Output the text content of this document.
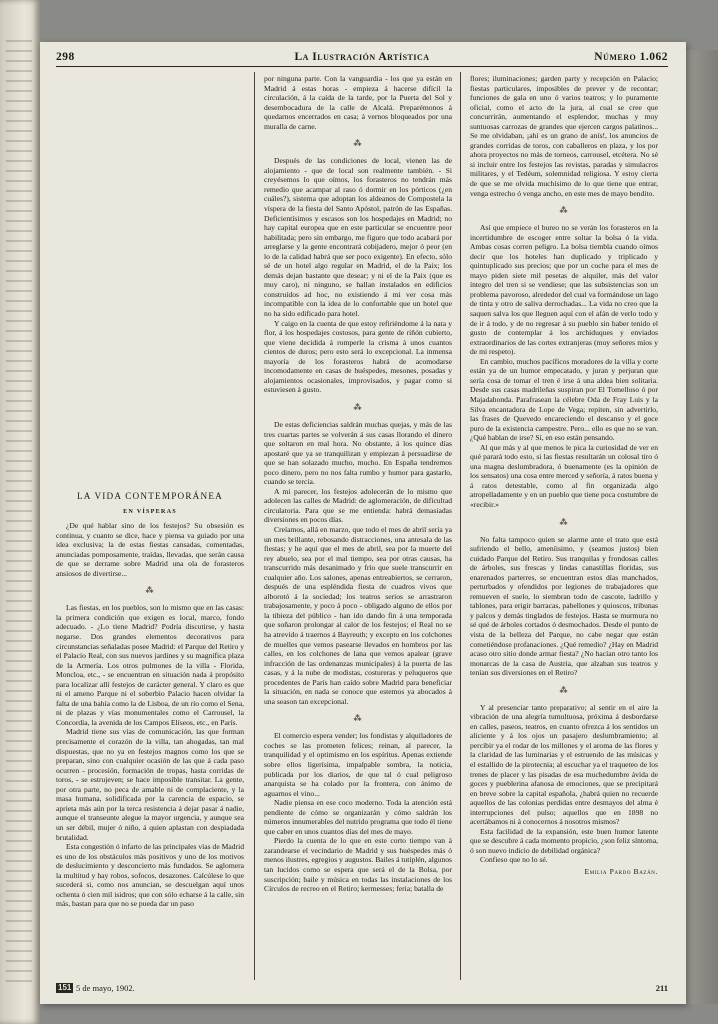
298	La Ilustración Artística	Número 1.062
LA VIDA CONTEMPORÁNEA
EN VÍSPERAS

¿De qué hablar sino de los festejos? Su obsesión es continua, y cuanto se dice, hace y piensa va guiado por una idea exclusiva; la de estas fiestas cansadas, comentadas, anunciadas pomposamente, traídas, llevadas, que serán causa de que se derrame sobre Madrid una ola de forasteros ansiosos de divertirse...

⁂

Las fiestas, en los pueblos, son lo mismo que en las casas: la primera condición que exigen es local, marco, fondo adecuado. - ¿Lo tiene Madrid? Podría discutirse, y hasta negarse. Dos grandes elementos decorativos para circunstancias señaladas posee Madrid: el Parque del Retiro y el Palacio Real, con sus nuevos jardines y su magnífica plaza de la Armería. Los otros pulmones de la villa - Florida, Moncloa, etc., - se encuentran en situación nada á propósito para localizar allí festejos de carácter general. Y claro es que ni el ameno Parque ni el soberbio Palacio hacen olvidar la falta de una bahía como la de Lisboa, de un río como el Sena, ni de plazas y vías monumentales como el Carrousel, la Concordia, la avenida de los Campos Elíseos, etc., en París.

Madrid tiene sus vías de comunicación, las que forman precisamente el corazón de la villa, tan ahogadas, tan mal dispuestas, que no ya en festejos magnos como los que se preparan, sino con cualquier ocasión de las que á cada paso ocurren - procesión, formación de tropas, hasta corridas de toros, - se estrujeven; se hace imposible transitar. La gente, por otra parte, no peca de amable ni de complaciente, y la masa humana, solidificada por la carencia de espacio, se aprieta más aún por la terca resistencia á dejar pasar á nadie, aunque el transeunte alegue la mayor urgencia, y aunque sea un ser débil, mujer ó niño, á quien aplastan con despiadada brutalidad.

Esta congestión ó infarto de las principales vías de Madrid es uno de los obstáculos más positivos y uno de los motivos de deslucimiento y desconcierto más fundados. Se aglomera la multitud y hay robos, sofocos, desazones. Calcúlese lo que sucederá si, como nos anuncian, se descuelgan aquí unos ochenta ó cien mil isidros; que con sólo echarse á la calle, sin más, bastan para que no se pueda dar un paso

por ninguna parte. Con la vanguardia - los que ya están en Madrid á estas horas - empieza á hacerse difícil la circulación, á la caída de la tarde, por la Puerta del Sol y desembocadura de la calle de Alcalá. Preparémonos á quedarnos encerrados en casa; á vernos bloqueados por una muralla de carne.

⁂

Después de las condiciones de local, vienen las de alojamiento - que de local son realmente también. - Si creyésemos lo que oímos, los forasteros no tendrán más remedio que acampar al raso ó dormir en los pórticos (¿en cuáles?), sistema que adoptan los aldeanos de Compostela la víspera de la fiesta del Santo Apóstol, patrón de las Españas. Deficientísimos y escasos son los hospedajes en Madrid; no hay capital europea que en este particular se encuentre peor habilitada; pero sin embargo, me figuro que todo acabará por arreglarse y la gente encontrará cobijadero, mejor ó peor (en lo de la calidad habrá que ser poco exigente). En efecto, sólo sé de un hotel algo regular en Madrid, el de la Paix; los demás dejan bastante que desear; y ni el de la Paix (que es muy caro), ni ninguno, se hallan instalados en edificios construídos ad hoc, no existiendo á mi ver cosa más incompatible con la idea de lo confortable que un hotel que no ha sido edificado para hotel.

Y caigo en la cuenta de que estoy refiriéndome á la nata y flor, á los hospedajes costosos, para gente de riñón cubierto, que viene decidida á romperle la crisma á unos cuantos cientos de duros; pero esto será lo excepcional. La inmensa mayoría de los forasteros habrá de acomodarse incomodamente en casas de huéspedes, mesones, posadas y alojamientos ocasionales, improvisados, y pagar como si estuviesen á gusto.

⁂

De estas deficiencias saldrán muchas quejas, y más de las tres cuartas partes se volverán á sus casas llorando el dinero que soltaron en mal hora. No obstante, á los quince días apostaré que ya se tranquilizan y empiezan á persuadirse de que se han solazado mucho, mucho. En España tendremos poco dinero, pero no nos falta rumbo y humor para gastarlo, cuando se tercia.

A mi parecer, los festejos adolecerán de lo mismo que adolecen las calles de Madrid: de aglomeración, de dificultad circulatoria. Para que se me entienda: habrá demasiadas diversiones en pocos días.

Creíamos, allá en marzo, que todo el mes de abril sería ya un mes brillante, rebosando distracciones, una antesala de las fiestas; y he aquí que el mes de abril, sea por la muerte del rey abuelo, sea por el mal tiempo, sea por otras causas, ha transcurrido más desanimado y frío que suele transcurrir en cualquier año. Los salones, apenas entreabiertos, se cerraron, después de una espléndida fiesta de cuadros vivos que alborotó á la sociedad; los teatros serios se arrastraron trabajosamente, y poco á poco - obligado alguno de ellos por la tibieza del público - han ido dando fin á una temporada que soñaron prolongar al calor de los festejos; el Real no se ha atrevido á traernos á Bayreuth; y excepto en los colchones de muelles que vemos pasearse llevados en hombros por las calles, en los colchones de lana que vemos apalear (grave infracción de las ordenanzas municipales) á la puerta de las casas, y á la nube de modistas, costureras y peluqueros que procedentes de París han caído sobre Madrid para beneficiar la situación, en nada se conoce que estemos ya abocados á una season tan excepcional.

⁂

El comercio espera vender; los fondistas y alquiladores de coches se las prometen felices; reinan, al parecer, la tranquilidad y el optimismo en los espíritus. Apenas extiende sobre ellos ligerísima, impalpable sombra, la noticia, publicada por los diarios, de que tal ó cual peligroso anarquista se ha colado por la frontera, con ánimo de aguarnos el vino...

Nadie piensa en ese coco moderno. Toda la atención está pendiente de cómo se organizarán y cómo saldrán los números innumerables del nutrido programa que todo él tiene que caber en unos cuantos días del mes de mayo.

Pierdo la cuenta de lo que en este corto tiempo van á zarandearse el vecindario de Madrid y sus huéspedes más ó menos ilustres, egregios y augustos. Bailes á tutiplén, algunos tan lucidos como se espera que será el de la Bolsa, por suscripción; baile y música en todas las instalaciones de los Círculos de recreo en el Retiro; kermesses; feria; batalla de

flores; iluminaciones; garden party y recepción en Palacio; fiestas particulares, imposibles de prever y de recontar; funciones de gala en uno ó varios teatros; y lo puramente oficial, como el acto de la jura, al cual se cree que concurrirán, aumentando el esplendor, muchas y muy suntuosas carrozas de grandes que ejercen cargos palatinos... Se me olvidaban, ¡ahí es un grano de anís!, los anuncios de grandes corridas de toros, con caballeros en plaza, y los por ahora proyectos no más de torneos, carrousel, etcétera. No sé si incluir entre los festejos las revistas, paradas y simulacros militares, y el Tedéum, solemnidad religiosa. Y estoy cierta de que se me olvida muchísimo de lo que tiene que entrar, venga estrecho ó venga ancho, en este mes de mayo bendito.

⁂

Así que empiece el bureo no se verán los forasteros en la incertidumbre de escoger entre soltar la bolsa ó la vida. Ambas cosas corren peligro. La bolsa tiembla cuando oímos decir que los hoteles han duplicado y triplicado y quintuplicado sus precios; que por un coche para el mes de mayo piden siete mil pesetas de alquiler, más del valor íntegro del tren si se vendiese; que las subsistencias son un problema pavoroso, alrededor del cual va formándose un lago de tinta y otro de saliva derrochadas... La vida no creo que la saquen salva los que lleguen aquí con el afán de verlo todo y de ir á todo, y de no regresar á su pueblo sin haber tenido el gusto de contemplar á los archiduques y enviados extraordinarios de las cortes extranjeras (muy señores míos y de mi respeto).

En cambio, muchos pacíficos moradores de la villa y corte están ya de un humor empecatado, y juran y perjuran que sería cosa de tomar el tren é irse á una aldea bien solitaria. Desde sus casas madrileñas suspiran por El Tomelloso ó por Majadahonda. Parafrasean la célebre Oda de Fray Luis y la Silva encantadora de Lope de Vega; repiten, sin advertirlo, las frases de Quevedo encareciendo el descanso y el goce puro de la existencia campestre. Pero... ello es que no se van. ¿Qué hablan de irse? Sí, en eso están pensando.

Al que más y al que menos le pica la curiosidad de ver en qué parará todo esto, si las fiestas resultarán un colosal tiro ó una magna deslumbradora, ó buenamente (es la opinión de los sensatos) una cosa entre merced y señoría, á ratos buena y á ratos detestable, como al fin organizada algo atropelladamente y en un pueblo que tiene poca costumbre de «recibir.»

⁂

No falta tampoco quien se alarme ante el trato que está sufriendo el bello, ameníisimo, y (seamos justos) bien cuidado Parque del Retiro. Sus tranquilas y frondosas calles de árboles, sus frescas y lindas canastillas floridas, sus enarenados parterres, se encuentran estos días manchados, perturbados y ofendidos por legiones de trabajadores que remueven el suelo, lo siembran todo de cascote, ladrillo y tablones, para erigir barracas, pabellones y quioscos, tribunas y palcos y demás tinglados de festejos. Hasta se murmura no sé qué de árboles cortados ó desmochados. Desde el punto de vista de la belleza del Parque, no cabe negar que están cometiéndose profanaciones. ¿Qué remedio? ¿Hay en Madrid acaso otro sitio donde armar fiesta? ¿No hacían otro tanto los monarcas de la casa de Austria, que alzaban sus teatros y tenían sus diversiones en el Retiro?

⁂

Y al presenciar tanto preparativo; al sentir en el aire la vibración de una alegría tumultuosa, próxima á desbordarse en calles, paseos, teatros, en cuanto ofrezca á los sentidos un aliciente y á los ojos un pasajero deslumbramiento; al percibir ya el rodar de los millones y el aroma de las flores y la claridad de las luminarias y el estruendo de las músicas y el estallido de la pirotecnia; al escuchar ya el traqueteo de los trenes de placer y las pisadas de esa muchedumbre ávida de goces y pueblerina afanosa de emociones, que se precipitará en breve sobre la capital española, ¿habrá quien no recuerde aquellos de las colonias perdidas entre desmayos del alma é interrupciones del pulso; aquellos que en 1898 no acertábamos ni á conocernos á nosotros mismos?

Esta facilidad de la expansión, este buen humor latente que se descubre á cada momento propicio, ¿son feliz síntoma, ó son nuevo indicio de debilidad orgánica?

Confieso que no lo sé.

Emilia Pardo Bazán.
151 5 de mayo, 1902.	211
